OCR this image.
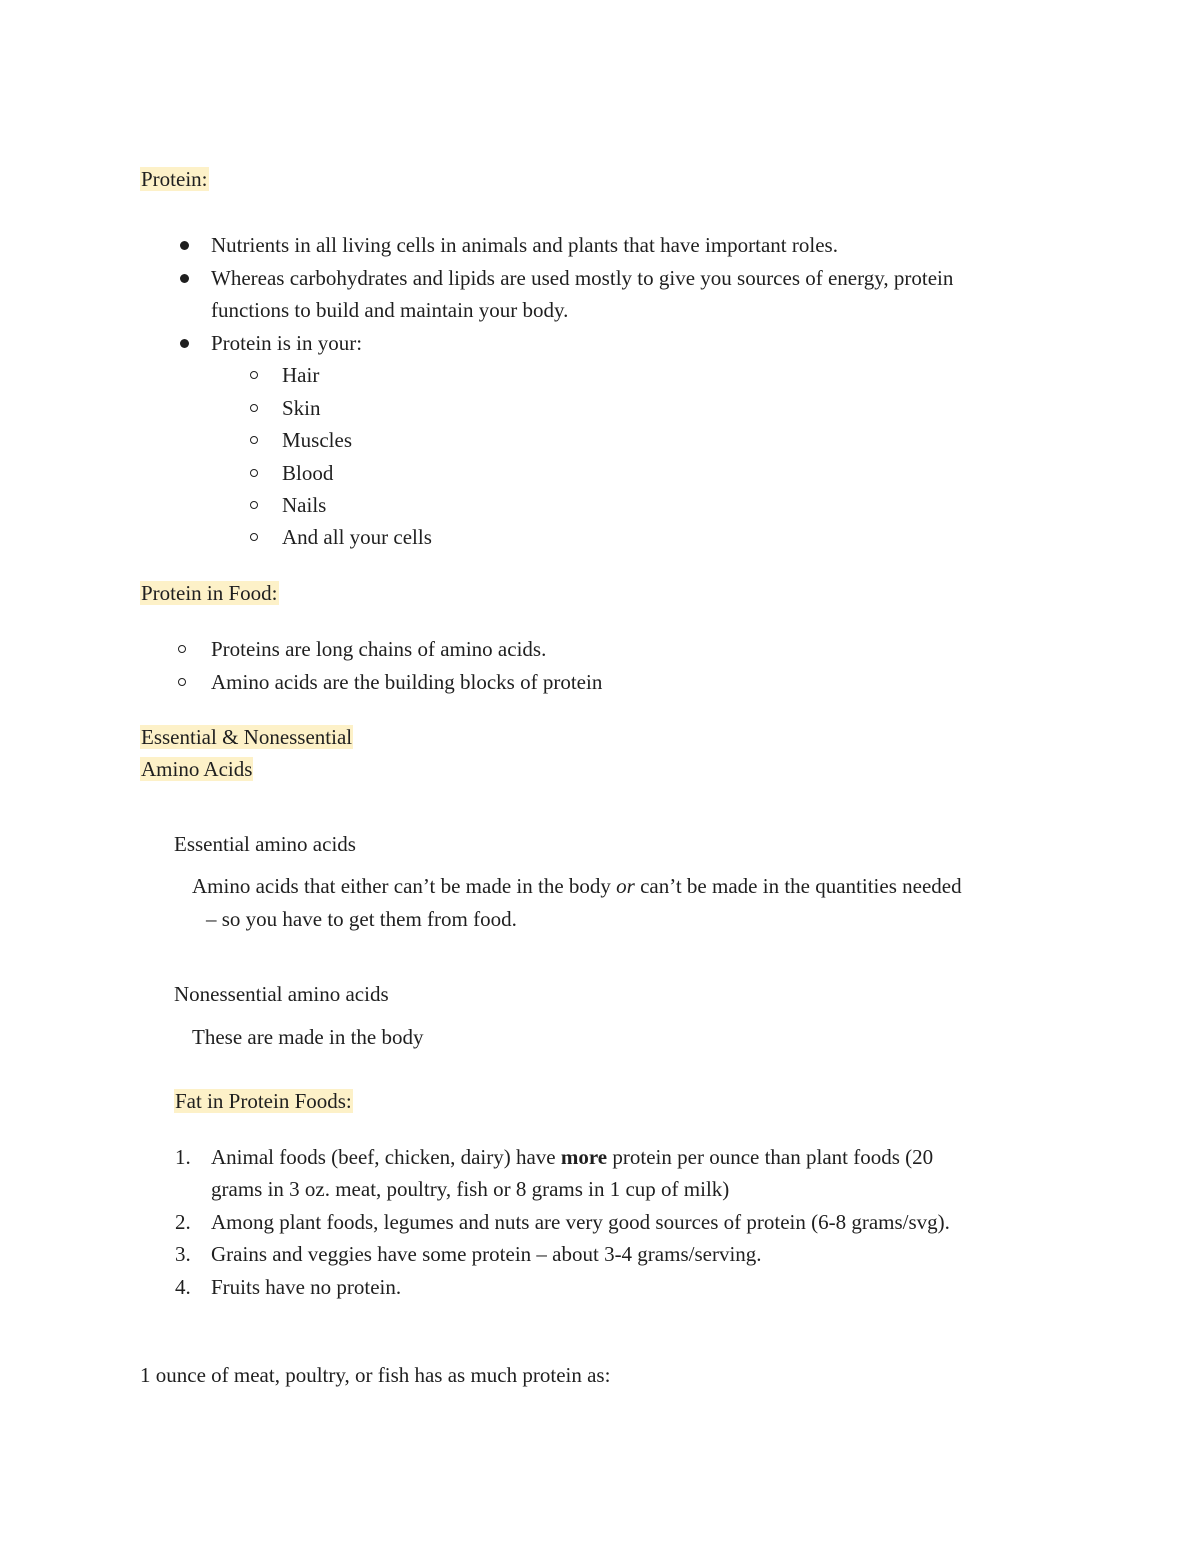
Protein:
Nutrients in all living cells in animals and plants that have important roles.
Whereas carbohydrates and lipids are used mostly to give you sources of energy, protein
functions to build and maintain your body.
Protein is in your:
Hair
Skin
Muscles
Blood
Nails
And all your cells
Protein in Food:
Proteins are long chains of amino acids.
Amino acids are the building blocks of protein
Essential & Nonessential
Amino Acids
Essential amino acids
Amino acids that either can’t be made in the body or can’t be made in the quantities needed
– so you have to get them from food.
Nonessential amino acids
These are made in the body
Fat in Protein Foods:
1. Animal foods (beef, chicken, dairy) have more protein per ounce than plant foods (20
grams in 3 oz. meat, poultry, fish or 8 grams in 1 cup of milk)
2. Among plant foods, legumes and nuts are very good sources of protein (6-8 grams/svg).
3. Grains and veggies have some protein – about 3-4 grams/serving.
4. Fruits have no protein.
1 ounce of meat, poultry, or fish has as much protein as:
